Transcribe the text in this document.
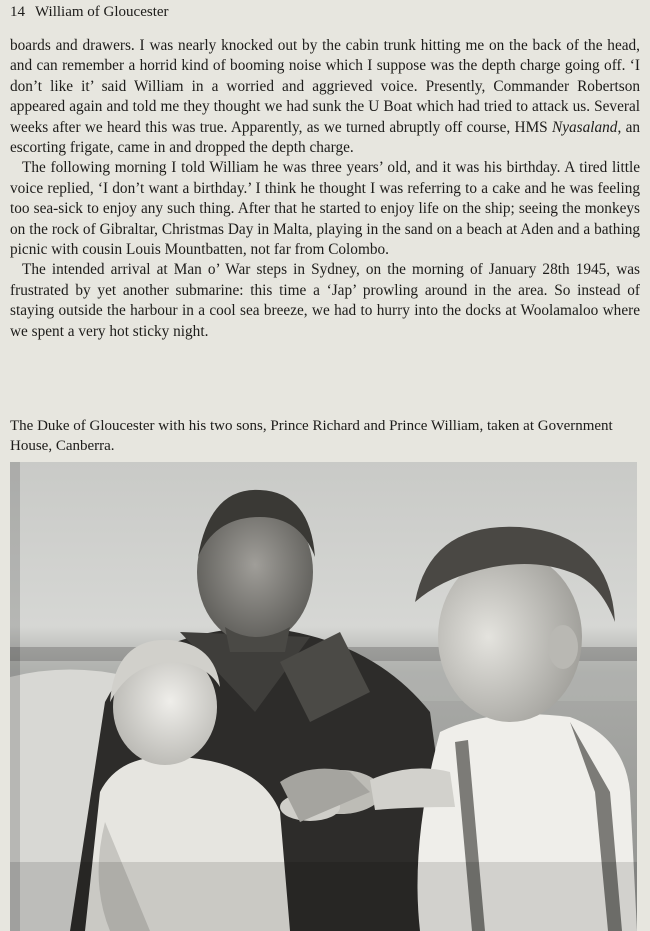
14 William of Gloucester

boards and drawers. I was nearly knocked out by the cabin trunk hitting me on the back of the head, and can remember a horrid kind of booming noise which I suppose was the depth charge going off. ‘I don’t like it’ said William in a worried and aggrieved voice. Presently, Commander Robertson appeared again and told me they thought we had sunk the U Boat which had tried to attack us. Several weeks after we heard this was true. Apparently, as we turned abruptly off course, HMS Nyasaland, an escorting frigate, came in and dropped the depth charge.

The following morning I told William he was three years’ old, and it was his birthday. A tired little voice replied, ‘I don’t want a birthday.’ I think he thought I was referring to a cake and he was feeling too sea-sick to enjoy any such thing. After that he started to enjoy life on the ship; seeing the monkeys on the rock of Gibraltar, Christmas Day in Malta, playing in the sand on a beach at Aden and a bathing picnic with cousin Louis Mountbatten, not far from Colombo.

The intended arrival at Man o’ War steps in Sydney, on the morning of January 28th 1945, was frustrated by yet another submarine: this time a ‘Jap’ prowling around in the area. So instead of staying outside the harbour in a cool sea breeze, we had to hurry into the docks at Woolamaloo where we spent a very hot sticky night.

The Duke of Gloucester with his two sons, Prince Richard and Prince William, taken at Government House, Canberra.
